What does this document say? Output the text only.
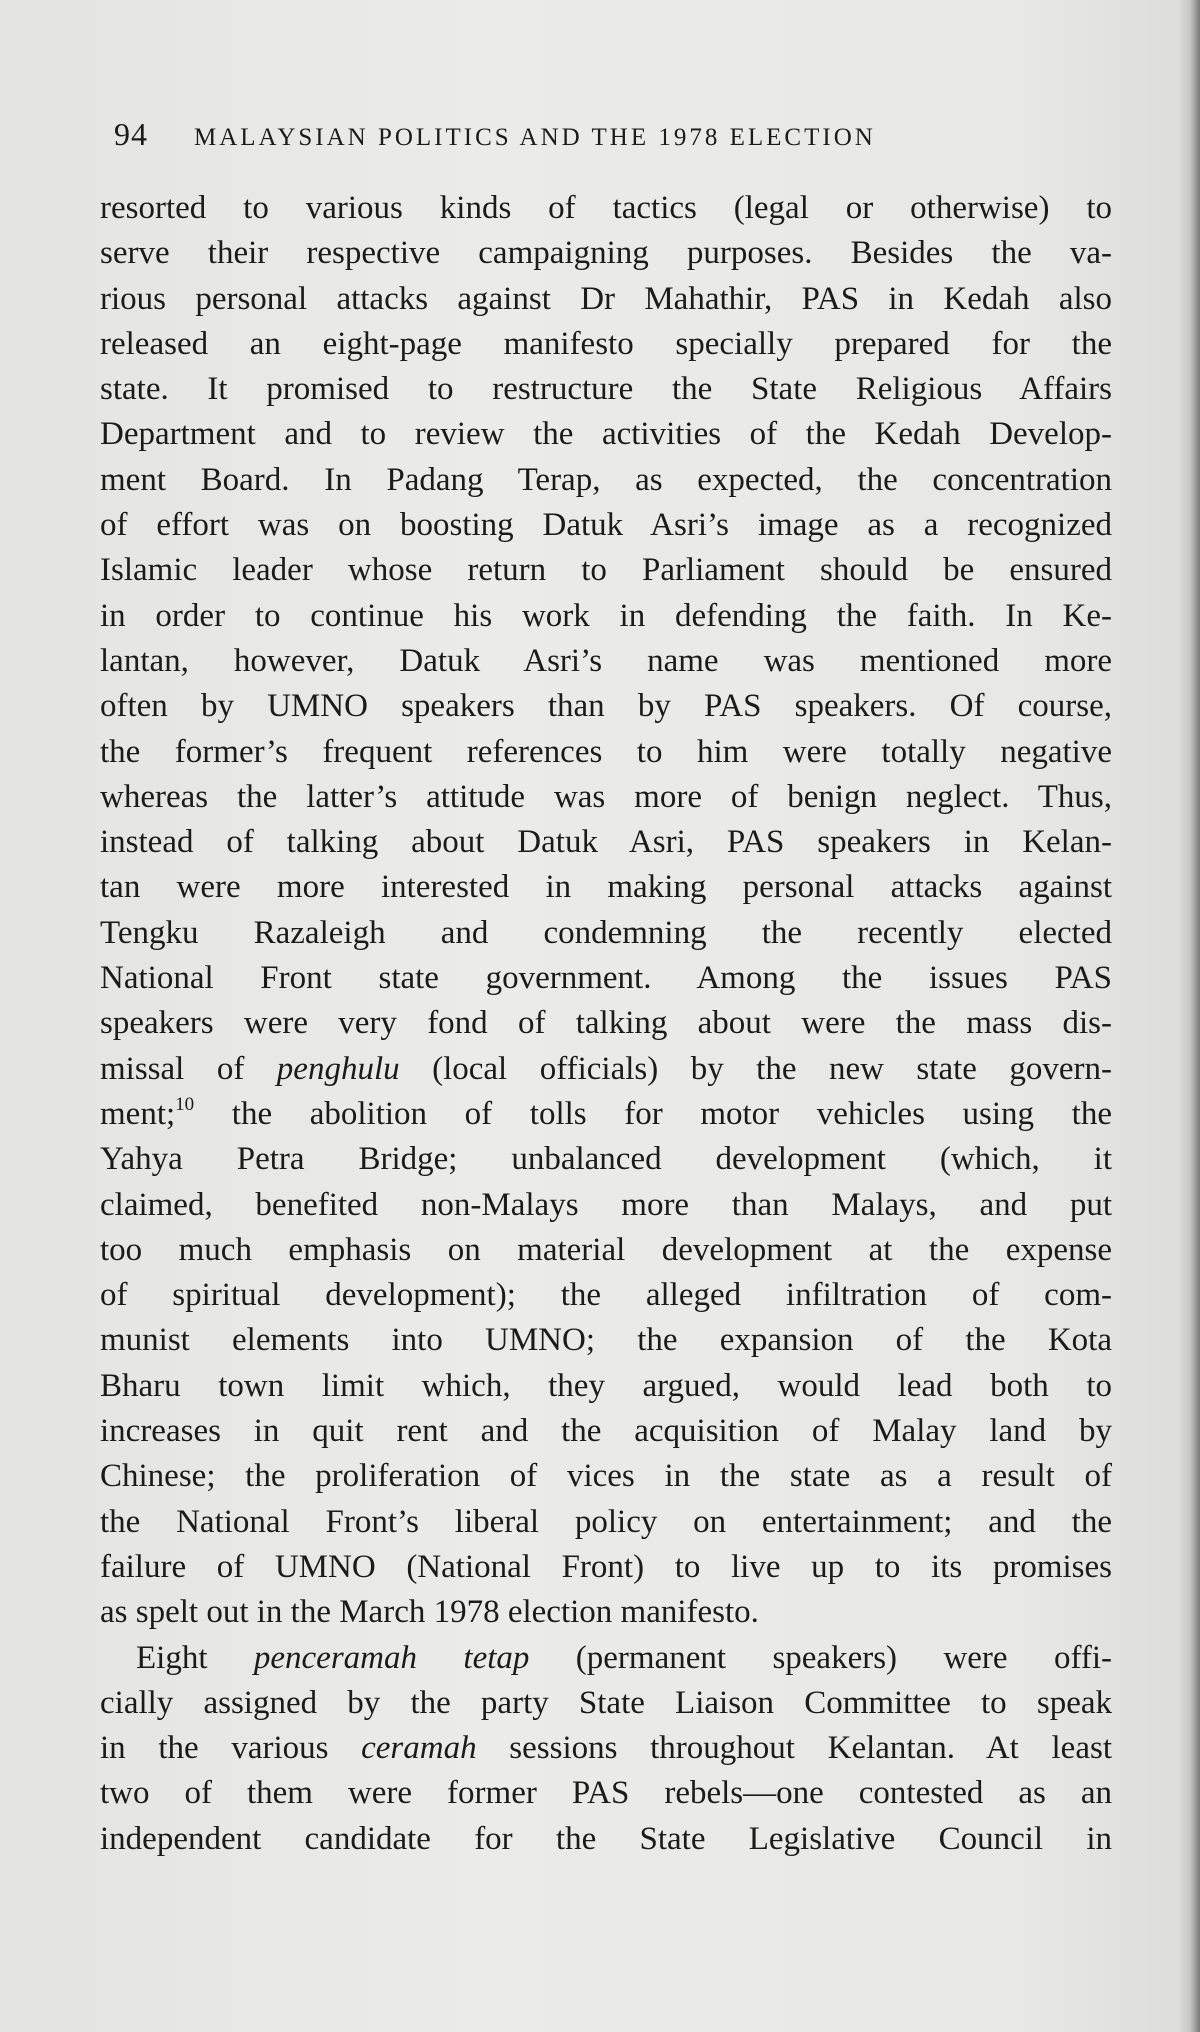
94 MALAYSIAN POLITICS AND THE 1978 ELECTION
resorted to various kinds of tactics (legal or otherwise) to
serve their respective campaigning purposes. Besides the va-
rious personal attacks against Dr Mahathir, PAS in Kedah also
released an eight-page manifesto specially prepared for the
state. It promised to restructure the State Religious Affairs
Department and to review the activities of the Kedah Develop-
ment Board. In Padang Terap, as expected, the concentration
of effort was on boosting Datuk Asri’s image as a recognized
Islamic leader whose return to Parliament should be ensured
in order to continue his work in defending the faith. In Ke-
lantan, however, Datuk Asri’s name was mentioned more
often by UMNO speakers than by PAS speakers. Of course,
the former’s frequent references to him were totally negative
whereas the latter’s attitude was more of benign neglect. Thus,
instead of talking about Datuk Asri, PAS speakers in Kelan-
tan were more interested in making personal attacks against
Tengku Razaleigh and condemning the recently elected
National Front state government. Among the issues PAS
speakers were very fond of talking about were the mass dis-
missal of penghulu (local officials) by the new state govern-
ment;$^{10}$ the abolition of tolls for motor vehicles using the
Yahya Petra Bridge; unbalanced development (which, it
claimed, benefited non-Malays more than Malays, and put
too much emphasis on material development at the expense
of spiritual development); the alleged infiltration of com-
munist elements into UMNO; the expansion of the Kota
Bharu town limit which, they argued, would lead both to
increases in quit rent and the acquisition of Malay land by
Chinese; the proliferation of vices in the state as a result of
the National Front’s liberal policy on entertainment; and the
failure of UMNO (National Front) to live up to its promises
as spelt out in the March 1978 election manifesto.
Eight penceramah tetap (permanent speakers) were offi-
cially assigned by the party State Liaison Committee to speak
in the various ceramah sessions throughout Kelantan. At least
two of them were former PAS rebels—one contested as an
independent candidate for the State Legislative Council in
